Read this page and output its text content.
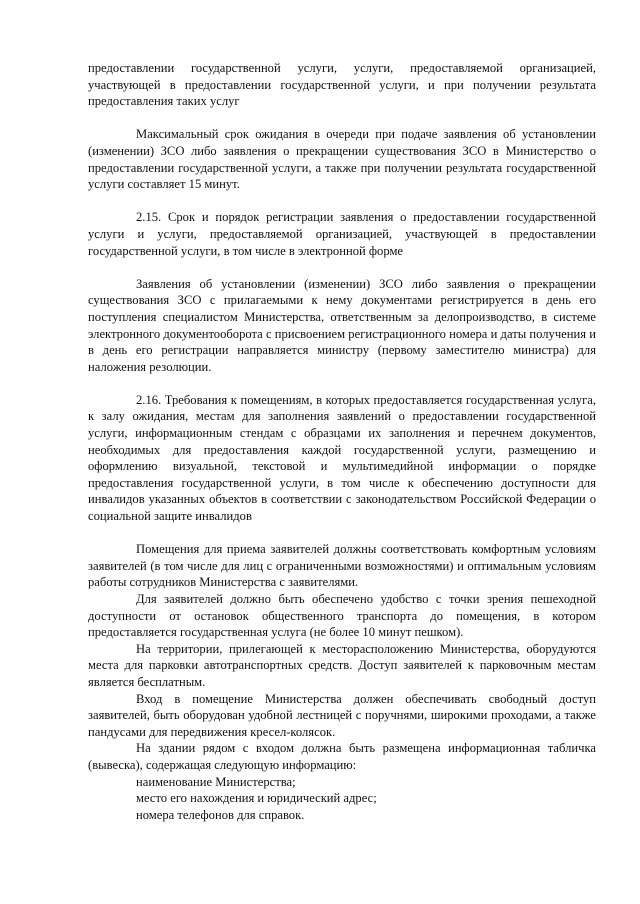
предоставлении государственной услуги, услуги, предоставляемой организацией, участвующей в предоставлении государственной услуги, и при получении результата предоставления таких услуг

Максимальный срок ожидания в очереди при подаче заявления об установлении (изменении) ЗСО либо заявления о прекращении существования ЗСО в Министерство о предоставлении государственной услуги, а также при получении результата государственной услуги составляет 15 минут.

2.15. Срок и порядок регистрации заявления о предоставлении государственной услуги и услуги, предоставляемой организацией, участвующей в предоставлении государственной услуги, в том числе в электронной форме

Заявления об установлении (изменении) ЗСО либо заявления о прекращении существования ЗСО с прилагаемыми к нему документами регистрируется в день его поступления специалистом Министерства, ответственным за делопроизводство, в системе электронного документооборота с присвоением регистрационного номера и даты получения и в день его регистрации направляется министру (первому заместителю министра) для наложения резолюции.

2.16. Требования к помещениям, в которых предоставляется государственная услуга, к залу ожидания, местам для заполнения заявлений о предоставлении государственной услуги, информационным стендам с образцами их заполнения и перечнем документов, необходимых для предоставления каждой государственной услуги, размещению и оформлению визуальной, текстовой и мультимедийной информации о порядке предоставления государственной услуги, в том числе к обеспечению доступности для инвалидов указанных объектов в соответствии с законодательством Российской Федерации о социальной защите инвалидов

Помещения для приема заявителей должны соответствовать комфортным условиям заявителей (в том числе для лиц с ограниченными возможностями) и оптимальным условиям работы сотрудников Министерства с заявителями.

Для заявителей должно быть обеспечено удобство с точки зрения пешеходной доступности от остановок общественного транспорта до помещения, в котором предоставляется государственная услуга (не более 10 минут пешком).

На территории, прилегающей к месторасположению Министерства, оборудуются места для парковки автотранспортных средств. Доступ заявителей к парковочным местам является бесплатным.

Вход в помещение Министерства должен обеспечивать свободный доступ заявителей, быть оборудован удобной лестницей с поручнями, широкими проходами, а также пандусами для передвижения кресел-колясок.

На здании рядом с входом должна быть размещена информационная табличка (вывеска), содержащая следующую информацию:

наименование Министерства;

место его нахождения и юридический адрес;

номера телефонов для справок.
